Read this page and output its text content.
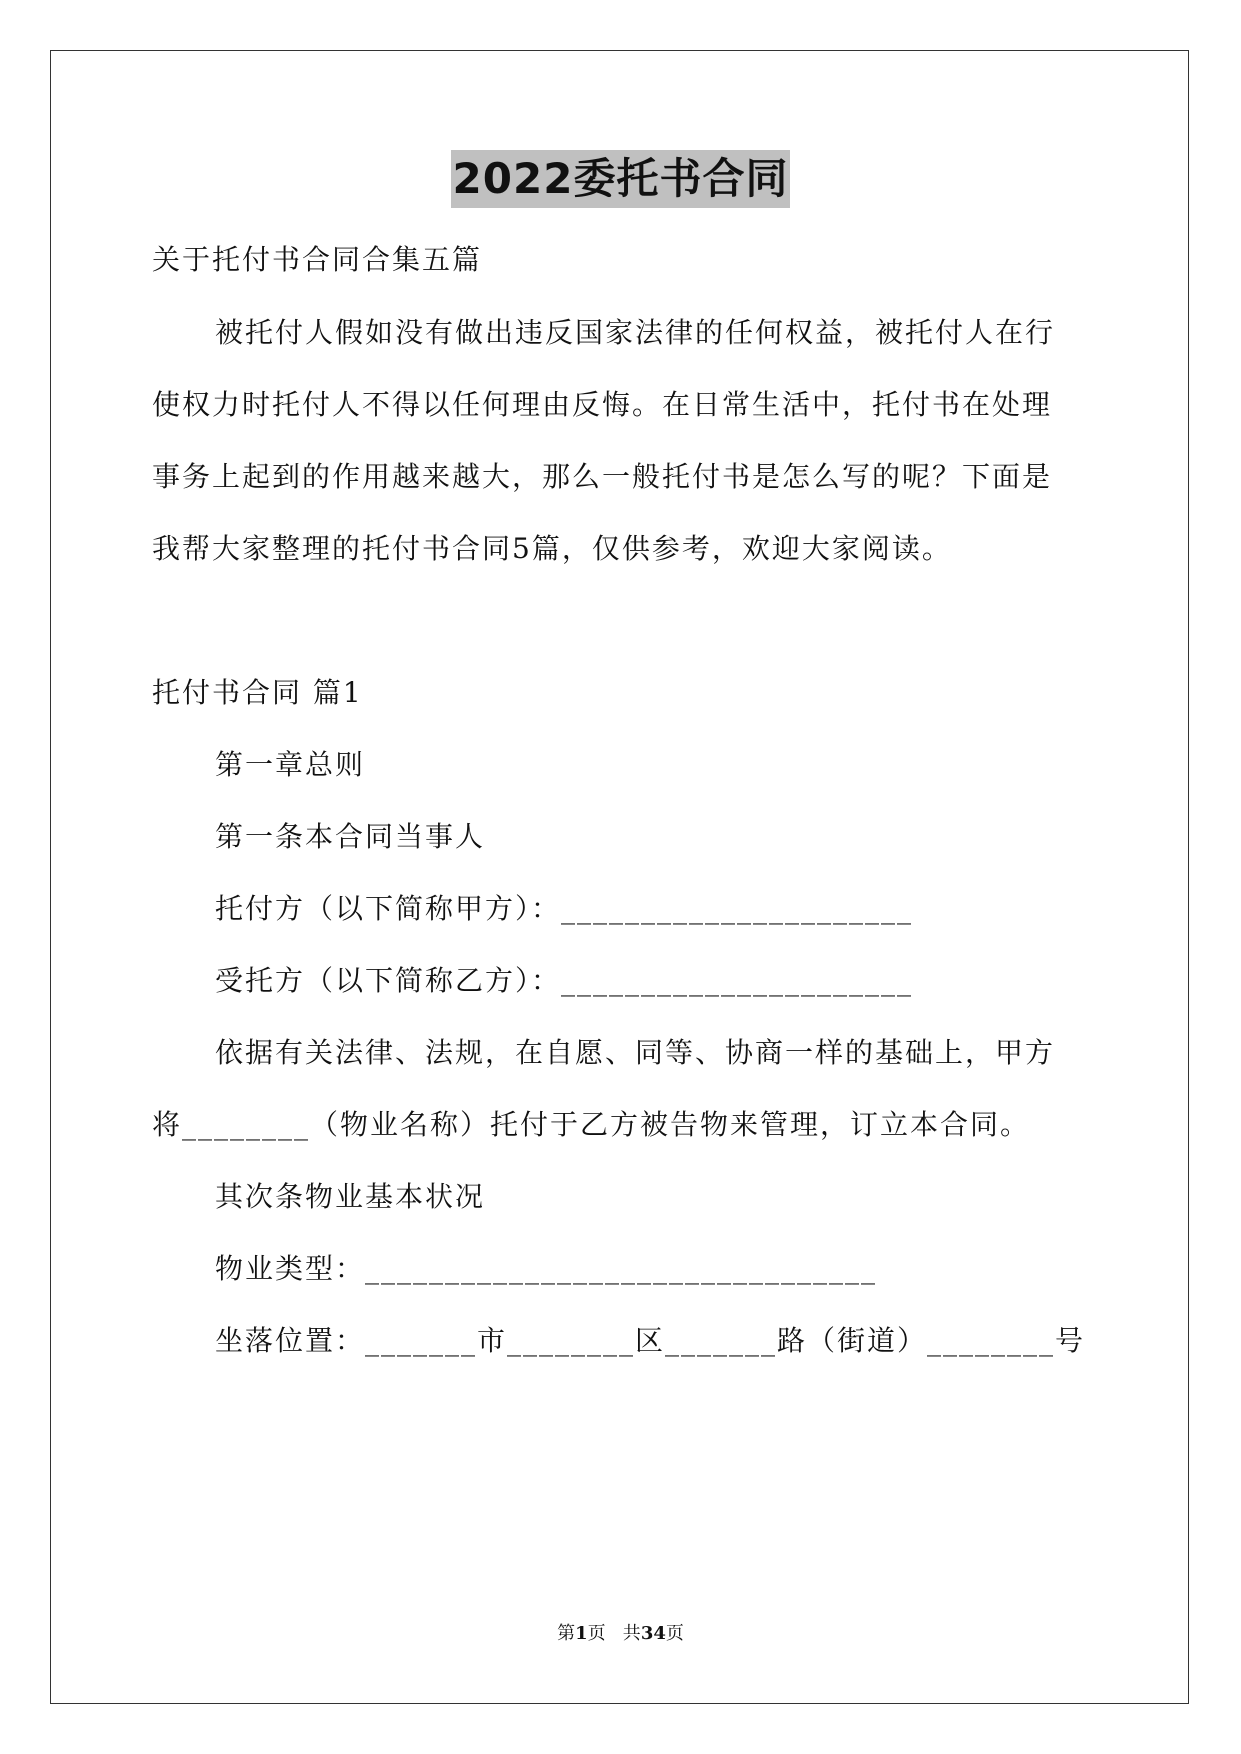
2022委托书合同
关于托付书合同合集五篇
被托付人假如没有做出违反国家法律的任何权益，被托付人在行
使权力时托付人不得以任何理由反悔。在日常生活中，托付书在处理
事务上起到的作用越来越大，那么一般托付书是怎么写的呢？下面是
我帮大家整理的托付书合同5篇，仅供参考，欢迎大家阅读。
托付书合同 篇1
第一章总则
第一条本合同当事人
托付方（以下简称甲方）：______________________
受托方（以下简称乙方）：______________________
依据有关法律、法规，在自愿、同等、协商一样的基础上，甲方
将________（物业名称）托付于乙方被告物来管理，订立本合同。
其次条物业基本状况
物业类型：________________________________
坐落位置：_______市________区_______路（街道）________号
第1页   共34页
